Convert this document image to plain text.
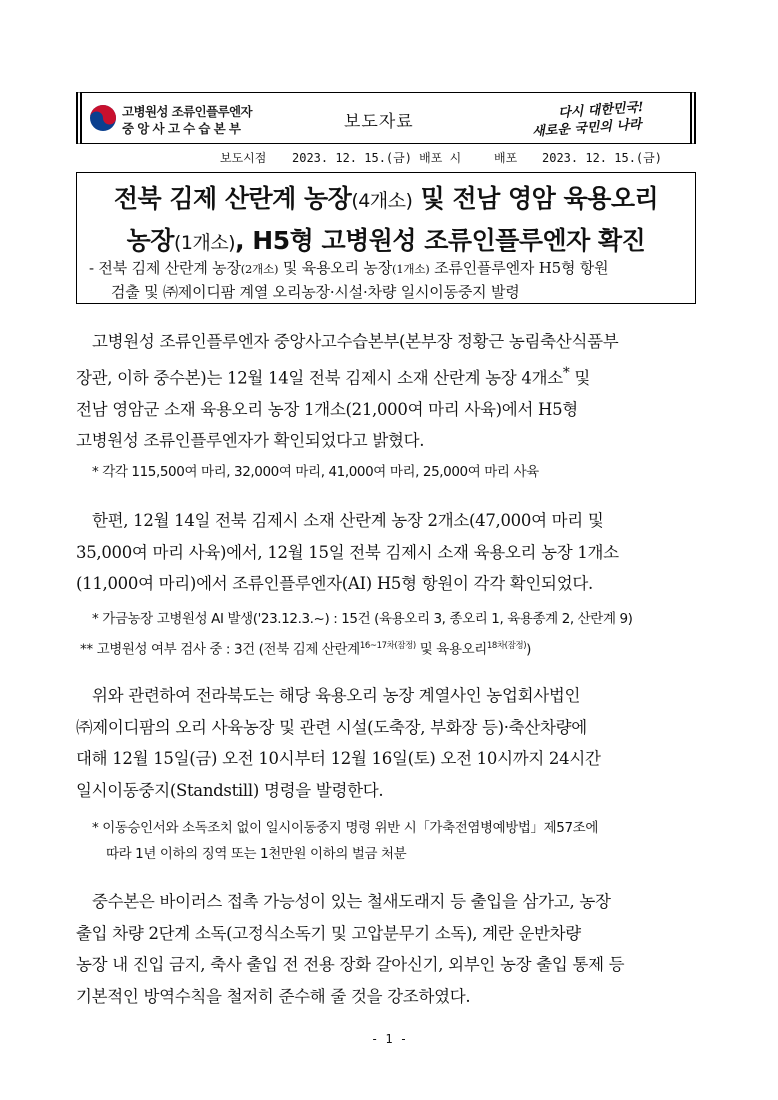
고병원성 조류인플루엔자
중앙사고수습본부	보도자료
다시 대한민국!
새로운 국민의 나라
보도시점 2023. 12. 15.(금) 배포 시	배포 2023. 12. 15.(금)
전북 김제 산란계 농장(4개소) 및 전남 영암 육용오리
농장(1개소), H5형 고병원성 조류인플루엔자 확진
- 전북 김제 산란계 농장(2개소) 및 육용오리 농장(1개소) 조류인플루엔자 H5형 항원
검출 및 ㈜제이디팜 계열 오리농장·시설·차량 일시이동중지 발령
고병원성 조류인플루엔자 중앙사고수습본부(본부장 정황근 농림축산식품부
장관, 이하 중수본)는 12월 14일 전북 김제시 소재 산란계 농장 4개소* 및
전남 영암군 소재 육용오리 농장 1개소(21,000여 마리 사육)에서 H5형
고병원성 조류인플루엔자가 확인되었다고 밝혔다.
* 각각 115,500여 마리, 32,000여 마리, 41,000여 마리, 25,000여 마리 사육
한편, 12월 14일 전북 김제시 소재 산란계 농장 2개소(47,000여 마리 및
35,000여 마리 사육)에서, 12월 15일 전북 김제시 소재 육용오리 농장 1개소
(11,000여 마리)에서 조류인플루엔자(AI) H5형 항원이 각각 확인되었다.
* 가금농장 고병원성 AI 발생('23.12.3.~) : 15건 (육용오리 3, 종오리 1, 육용종계 2, 산란계 9)
** 고병원성 여부 검사 중 : 3건 (전북 김제 산란계$^{16\sim 17차(잠정)}$ 및 육용오리$^{18차(잠정)}$)
위와 관련하여 전라북도는 해당 육용오리 농장 계열사인 농업회사법인
㈜제이디팜의 오리 사육농장 및 관련 시설(도축장, 부화장 등)·축산차량에
대해 12월 15일(금) 오전 10시부터 12월 16일(토) 오전 10시까지 24시간
일시이동중지(Standstill) 명령을 발령한다.
* 이동승인서와 소독조치 없이 일시이동중지 명령 위반 시「가축전염병예방법」제57조에
따라 1년 이하의 징역 또는 1천만원 이하의 벌금 처분
중수본은 바이러스 접촉 가능성이 있는 철새도래지 등 출입을 삼가고, 농장
출입 차량 2단계 소독(고정식소독기 및 고압분무기 소독), 계란 운반차량
농장 내 진입 금지, 축사 출입 전 전용 장화 갈아신기, 외부인 농장 출입 통제 등
기본적인 방역수칙을 철저히 준수해 줄 것을 강조하였다.
- 1 -
